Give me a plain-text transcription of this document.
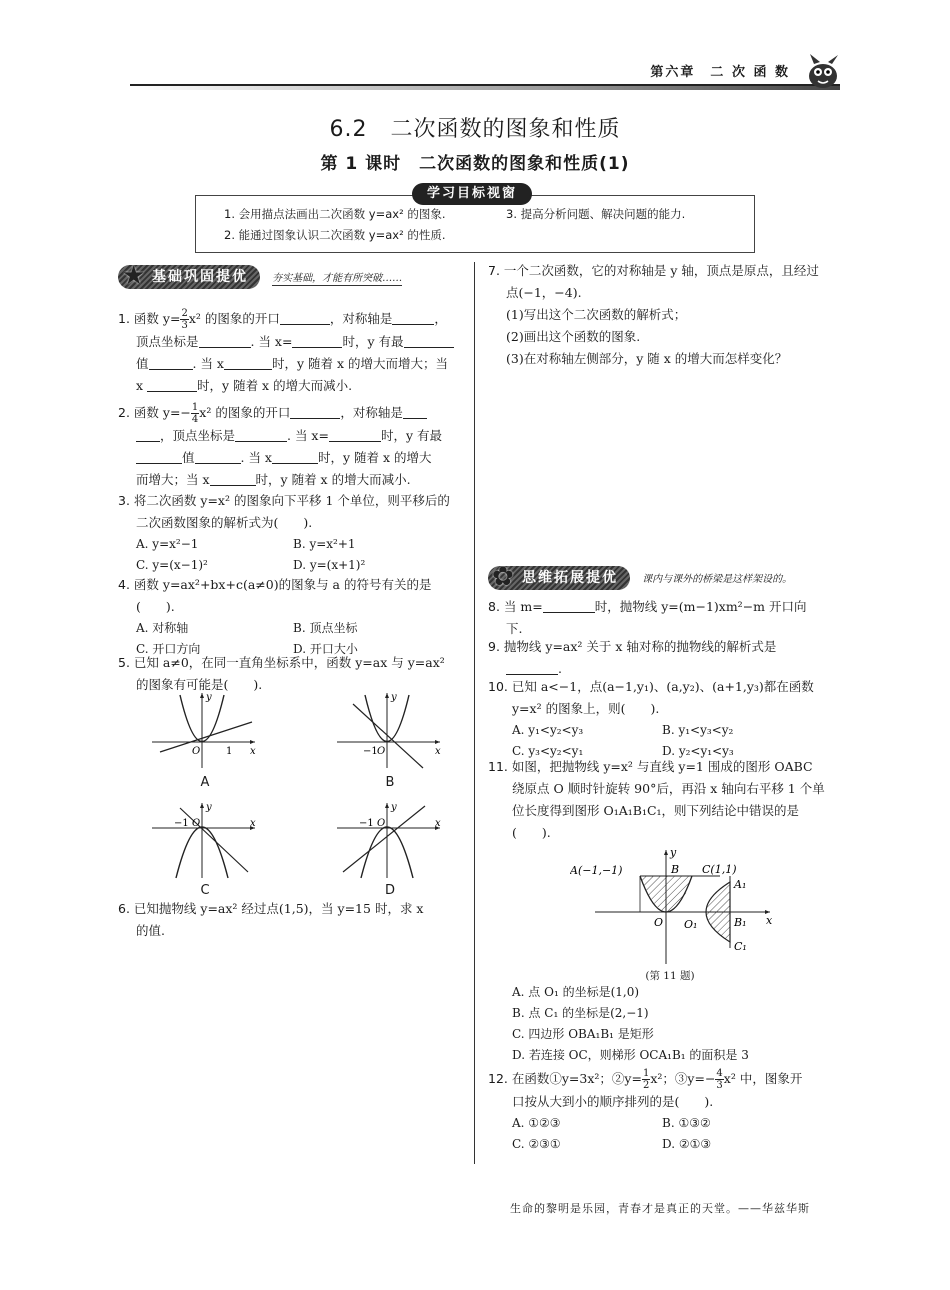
第六章　二 次 函 数
6.2　二次函数的图象和性质
第 1 课时　二次函数的图象和性质(1)
1. 会用描点法画出二次函数 y=ax² 的图象.	3. 提高分析问题、解决问题的能力.
2. 能通过图象认识二次函数 y=ax² 的性质.
学习目标视窗
★ 基础巩固提优 夯实基础，才能有所突破……
1. 函数 $y= \frac{2}{3} x^2$ 的图象的开口	，对称轴是	，
顶点坐标是	. 当 x=	时，y 有最
值	. 当 x	时，y 随着 x 的增大而增大；当
x	时，y 随着 x 的增大而减小.
2. 函数 $y=- \frac{1}{4} x^2$ 的图象的开口	，对称轴是
，顶点坐标是	. 当 x=	时，y 有最
值	. 当 x	时，y 随着 x 的增大
而增大；当 x	时，y 随着 x 的增大而减小.
3. 将二次函数 y=x² 的图象向下平移 1 个单位，则平移后的
二次函数图象的解析式为(　　).
A. y=x²−1	B. y=x²+1
C. y=(x−1)²	D. y=(x+1)²
4. 函数 y=ax²+bx+c(a≠0)的图象与 a 的符号有关的是
(　　).
A. 对称轴	B. 顶点坐标
C. 开口方向	D. 开口大小
5. 已知 a≠0，在同一直角坐标系中，函数 y=ax 与 y=ax²
的图象有可能是(　　).
y
x
O	1
A
y
x
−1 O
B
y
x
−1 O
C
y
x
−1 O
D
6. 已知抛物线 y=ax² 经过点(1,5)，当 y=15 时，求 x
的值.
7. 一个二次函数，它的对称轴是 y 轴，顶点是原点，且经过
点(−1，−4).
(1)写出这个二次函数的解析式；
(2)画出这个函数的图象.
(3)在对称轴左侧部分，y 随 x 的增大而怎样变化？
✿ 思维拓展提优 课内与课外的桥梁是这样架设的。
8. 当 m=	时，抛物线 y=(m−1)xm²−m 开口向
下.
9. 抛物线 y=ax² 关于 x 轴对称的抛物线的解析式是
.
10. 已知 a<−1，点(a−1,y₁)、(a,y₂)、(a+1,y₃)都在函数
y=x² 的图象上，则(　　).
A. y₁<y₂<y₃	B. y₁<y₃<y₂
C. y₃<y₂<y₁	D. y₂<y₁<y₃
11. 如图，把抛物线 y=x² 与直线 y=1 围成的图形 OABC
绕原点 O 顺时针旋转 90°后，再沿 x 轴向右平移 1 个单
位长度得到图形 O₁A₁B₁C₁，则下列结论中错误的是
(　　).
A(−1,−1)	B C(1,1)
O O₁
A₁
B₁
C₁
y
x
(第 11 题)
A. 点 O₁ 的坐标是(1,0)
B. 点 C₁ 的坐标是(2,−1)
C. 四边形 OBA₁B₁ 是矩形
D. 若连接 OC，则梯形 OCA₁B₁ 的面积是 3
12. 在函数①y=3x²；②y= $\frac{1}{2} x^2$；③y=− $\frac{4}{3} x^2$ 中，图象开
口按从大到小的顺序排列的是(　　).
A. ①②③	B. ①③②
C. ②③①	D. ②①③
生命的黎明是乐园，青春才是真正的天堂。——华兹华斯
